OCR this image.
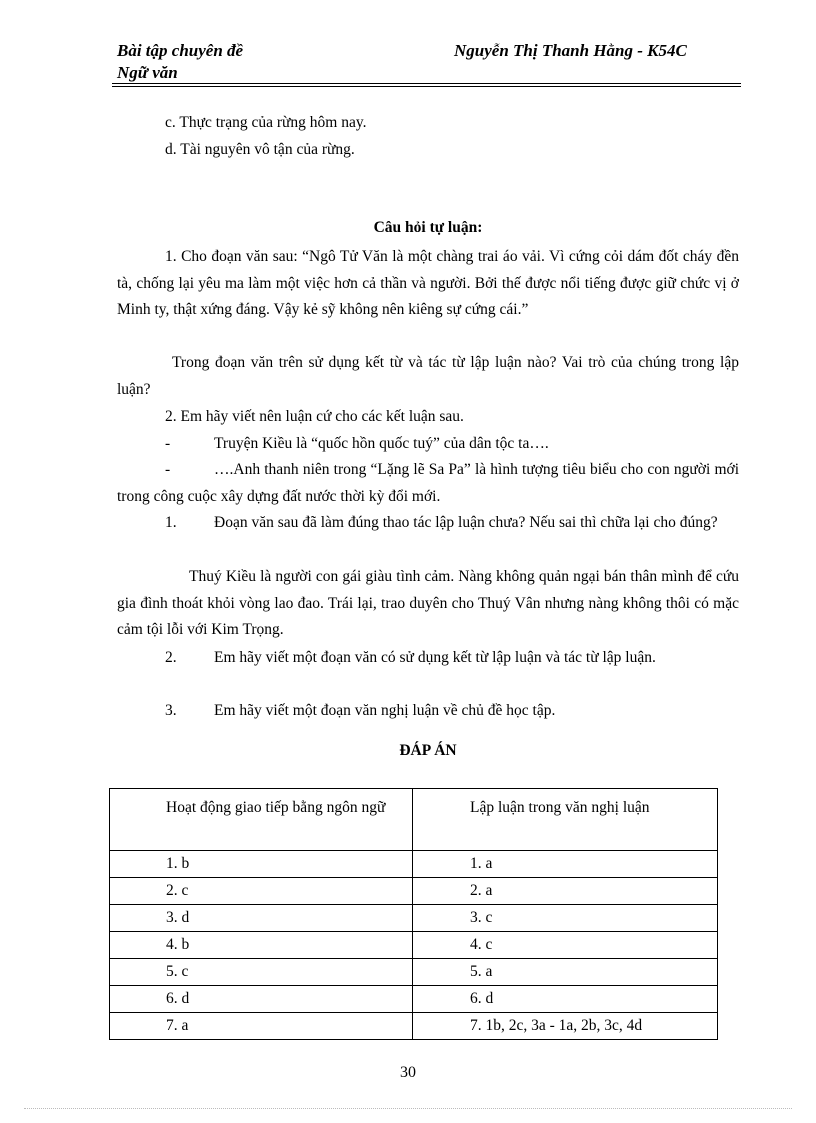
Bài tập chuyên đề
Ngữ văn
Nguyễn Thị Thanh Hằng - K54C
c. Thực trạng của rừng hôm nay.
d. Tài nguyên vô tận của rừng.
Câu hỏi tự luận:
1. Cho đoạn văn sau: “Ngô Tử Văn là một chàng trai áo vải. Vì cứng cỏi dám đốt cháy đền tà, chống lại yêu ma làm một việc hơn cả thần và người. Bởi thế được nổi tiếng được giữ chức vị ở Minh ty, thật xứng đáng. Vậy kẻ sỹ không nên kiêng sự cứng cái.”
Trong đoạn văn trên sử dụng kết từ và tác từ lập luận nào? Vai trò của chúng trong lập luận?
2. Em hãy viết nên luận cứ cho các kết luận sau.
-	Truyện Kiều là “quốc hồn quốc tuý” của dân tộc ta….
-	….Anh thanh niên trong “Lặng lẽ Sa Pa” là hình tượng tiêu biểu cho con người mới trong công cuộc xây dựng đất nước thời kỳ đổi mới.
1.	Đoạn văn sau đã làm đúng thao tác lập luận chưa? Nếu sai thì chữa lại cho đúng?
Thuý Kiều là người con gái giàu tình cảm. Nàng không quản ngại bán thân mình để cứu gia đình thoát khỏi vòng lao đao. Trái lại, trao duyên cho Thuý Vân nhưng nàng không thôi có mặc cảm tội lỗi với Kim Trọng.
2.	Em hãy viết một đoạn văn có sử dụng kết từ lập luận và tác từ lập luận.
3.	Em hãy viết một đoạn văn nghị luận về chủ đề học tập.
ĐÁP ÁN
Hoạt động giao tiếp bằng ngôn ngữ	Lập luận trong văn nghị luận

1. b	1. a

2. c	2. a

3. d	3. c

4. b	4. c

5. c	5. a

6. d	6. d

7. a	7. 1b, 2c, 3a - 1a, 2b, 3c, 4d
30
